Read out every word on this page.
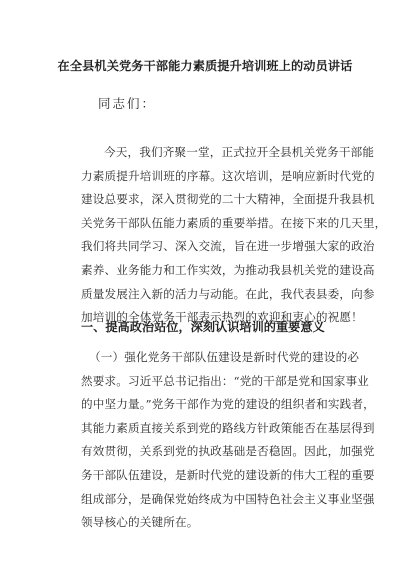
在全县机关党务干部能力素质提升培训班上的动员讲话
同志们：
今天，我们齐聚一堂，正式拉开全县机关党务干部能
力素质提升培训班的序幕。这次培训，是响应新时代党的
建设总要求，深入贯彻党的二十大精神，全面提升我县机
关党务干部队伍能力素质的重要举措。在接下来的几天里，
我们将共同学习、深入交流，旨在进一步增强大家的政治
素养、业务能力和工作实效，为推动我县机关党的建设高
质量发展注入新的活力与动能。在此，我代表县委，向参
加培训的全体党务干部表示热烈的欢迎和衷心的祝愿！
一、提高政治站位，深刻认识培训的重要意义
（一）强化党务干部队伍建设是新时代党的建设的必
然要求。习近平总书记指出：“党的干部是党和国家事业
的中坚力量。”党务干部作为党的建设的组织者和实践者，
其能力素质直接关系到党的路线方针政策能否在基层得到
有效贯彻，关系到党的执政基础是否稳固。因此，加强党
务干部队伍建设，是新时代党的建设新的伟大工程的重要
组成部分，是确保党始终成为中国特色社会主义事业坚强
领导核心的关键所在。
